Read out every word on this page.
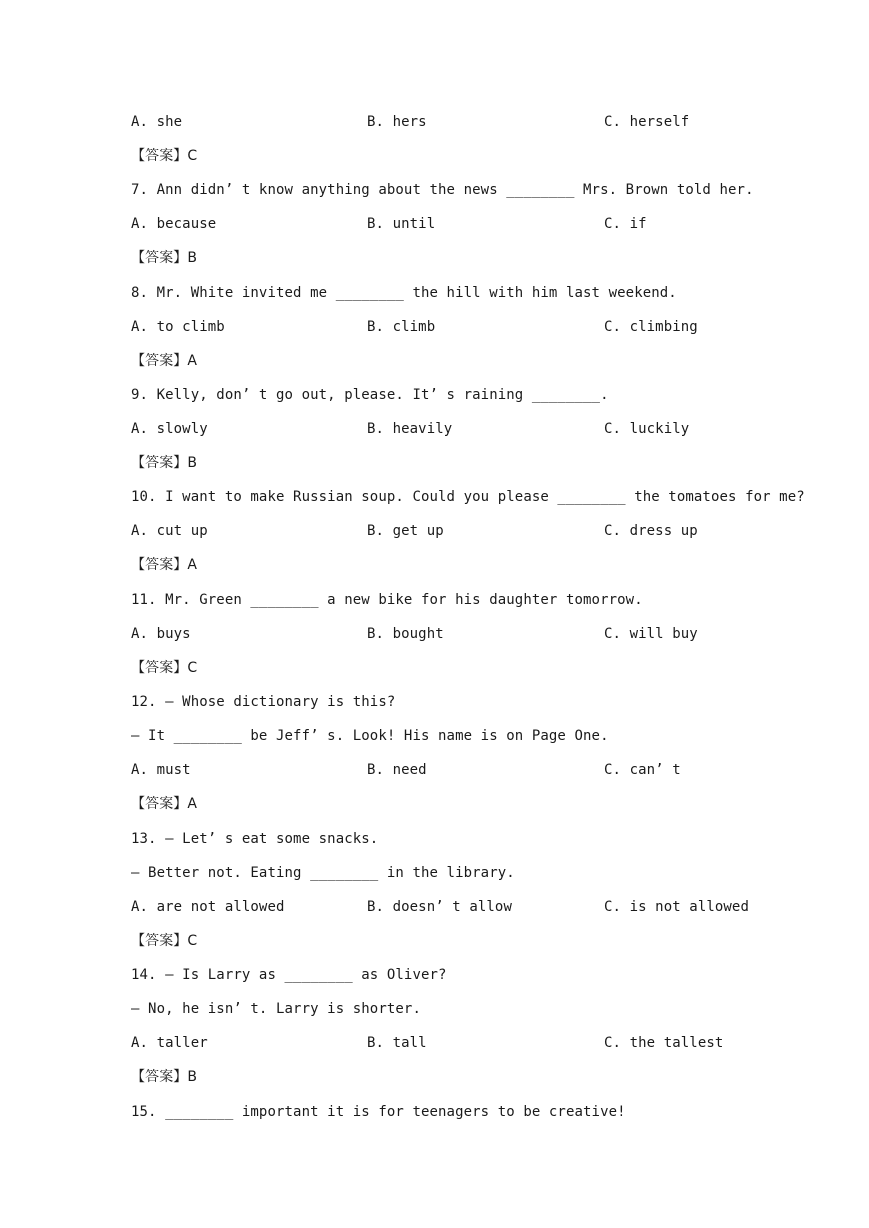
A. she

	B. hers

	C. herself

【答案】C
7. Ann didn’ t know anything about the news ________ Mrs. Brown told her.

A. because

	B. until

	C. if

【答案】B
8. Mr. White invited me ________ the hill with him last weekend.

A. to climb

	B. climb

	C. climbing

【答案】A
9. Kelly, don’ t go out, please. It’ s raining ________.

A. slowly

	B. heavily

	C. luckily

【答案】B
10. I want to make Russian soup. Could you please ________ the tomatoes for me?

A. cut up

	B. get up

	C. dress up

【答案】A
11. Mr. Green ________ a new bike for his daughter tomorrow.

A. buys

	B. bought

	C. will buy

【答案】C
12. — Whose dictionary is this?
— It ________ be Jeff’ s. Look! His name is on Page One.

A. must

	B. need

	C. can’ t

【答案】A
13. — Let’ s eat some snacks.
— Better not. Eating ________ in the library.

A. are not allowed

	B. doesn’ t allow

	C. is not allowed

【答案】C
14. — Is Larry as ________ as Oliver?
— No, he isn’ t. Larry is shorter.

A. taller

	B. tall

	C. the tallest

【答案】B
15. ________ important it is for teenagers to be creative!
